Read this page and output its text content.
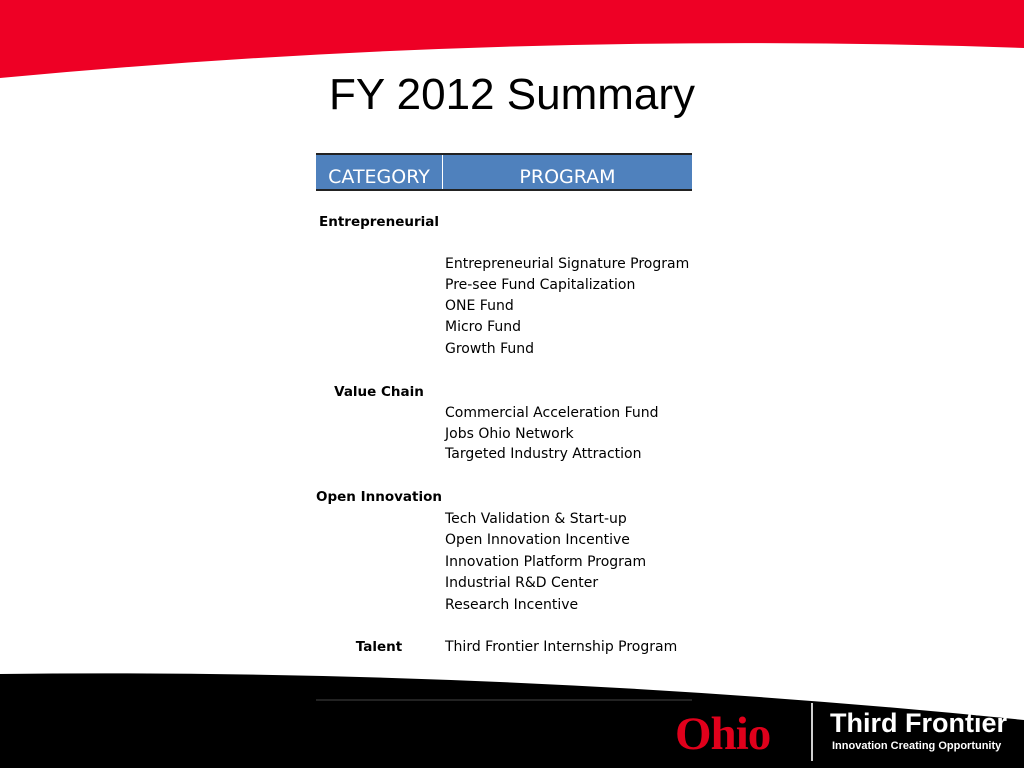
FY 2012 Summary
CATEGORY	PROGRAM
Entrepreneurial
Value Chain
Open Innovation
Talent
Entrepreneurial Signature Program
Pre-see Fund Capitalization
ONE Fund
Micro Fund
Growth Fund
Commercial Acceleration Fund
Jobs Ohio Network
Targeted Industry Attraction
Tech Validation & Start-up
Open Innovation Incentive
Innovation Platform Program
Industrial R&D Center
Research Incentive
Third Frontier Internship Program
Ohio Third Frontier
Innovation Creating Opportunity
